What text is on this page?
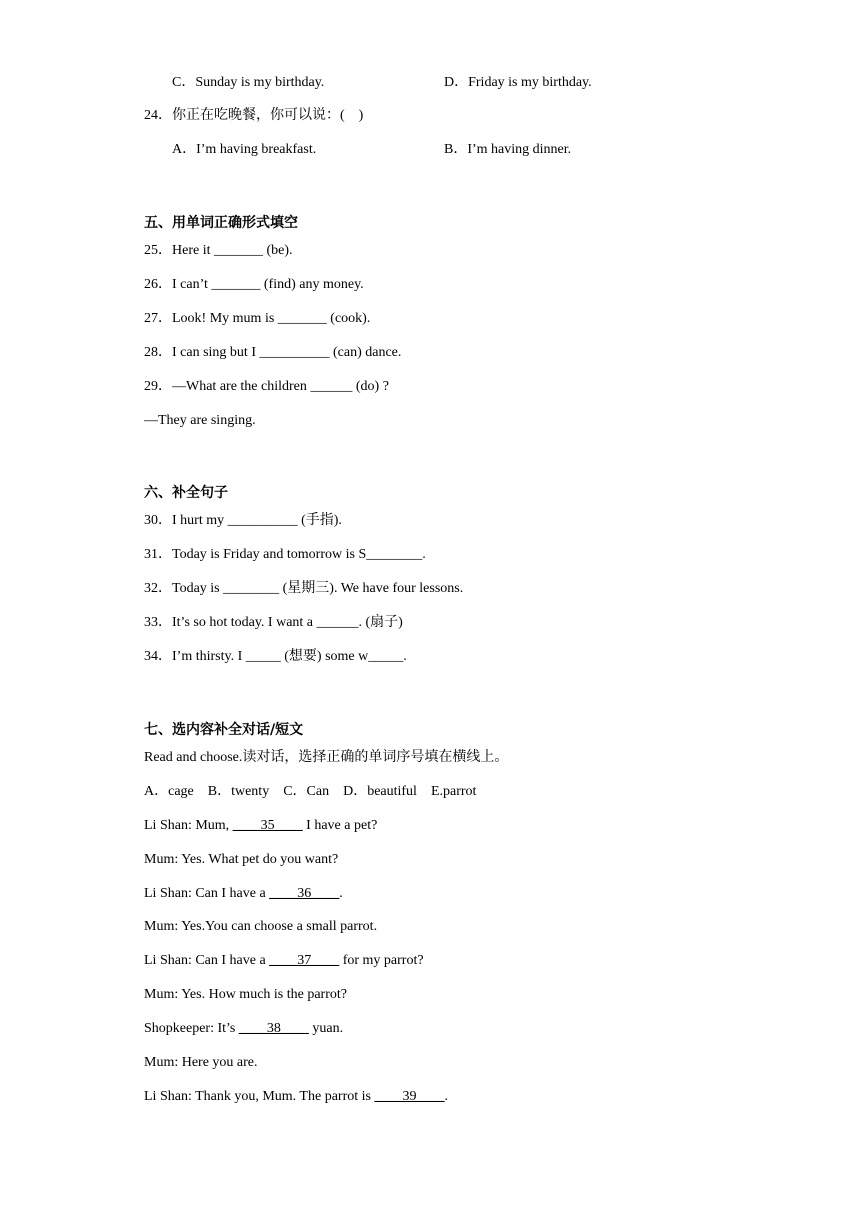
C．Sunday is my birthday.	D．Friday is my birthday.
24．你正在吃晚餐，你可以说：(　)
A．I’m having breakfast.	B．I’m having dinner.
五、用单词正确形式填空
25．Here it _______ (be).
26．I can’t _______ (find) any money.
27．Look! My mum is _______ (cook).
28．I can sing but I __________ (can) dance.
29．—What are the children ______ (do) ?
—They are singing.
六、补全句子
30．I hurt my __________ (手指).
31．Today is Friday and tomorrow is S________.
32．Today is ________ (星期三). We have four lessons.
33．It’s so hot today. I want a ______. (扇子)
34．I’m thirsty. I _____ (想要) some w_____.
七、选内容补全对话/短文
Read and choose.读对话，选择正确的单词序号填在横线上。
A．cage　B．twenty　C．Can　D．beautiful　E.parrot
Li Shan: Mum, ____35____ I have a pet?
Mum: Yes. What pet do you want?
Li Shan: Can I have a ____36____.
Mum: Yes.You can choose a small parrot.
Li Shan: Can I have a ____37____ for my parrot?
Mum: Yes. How much is the parrot?
Shopkeeper: It’s ____38____ yuan.
Mum: Here you are.
Li Shan: Thank you, Mum. The parrot is ____39____.
